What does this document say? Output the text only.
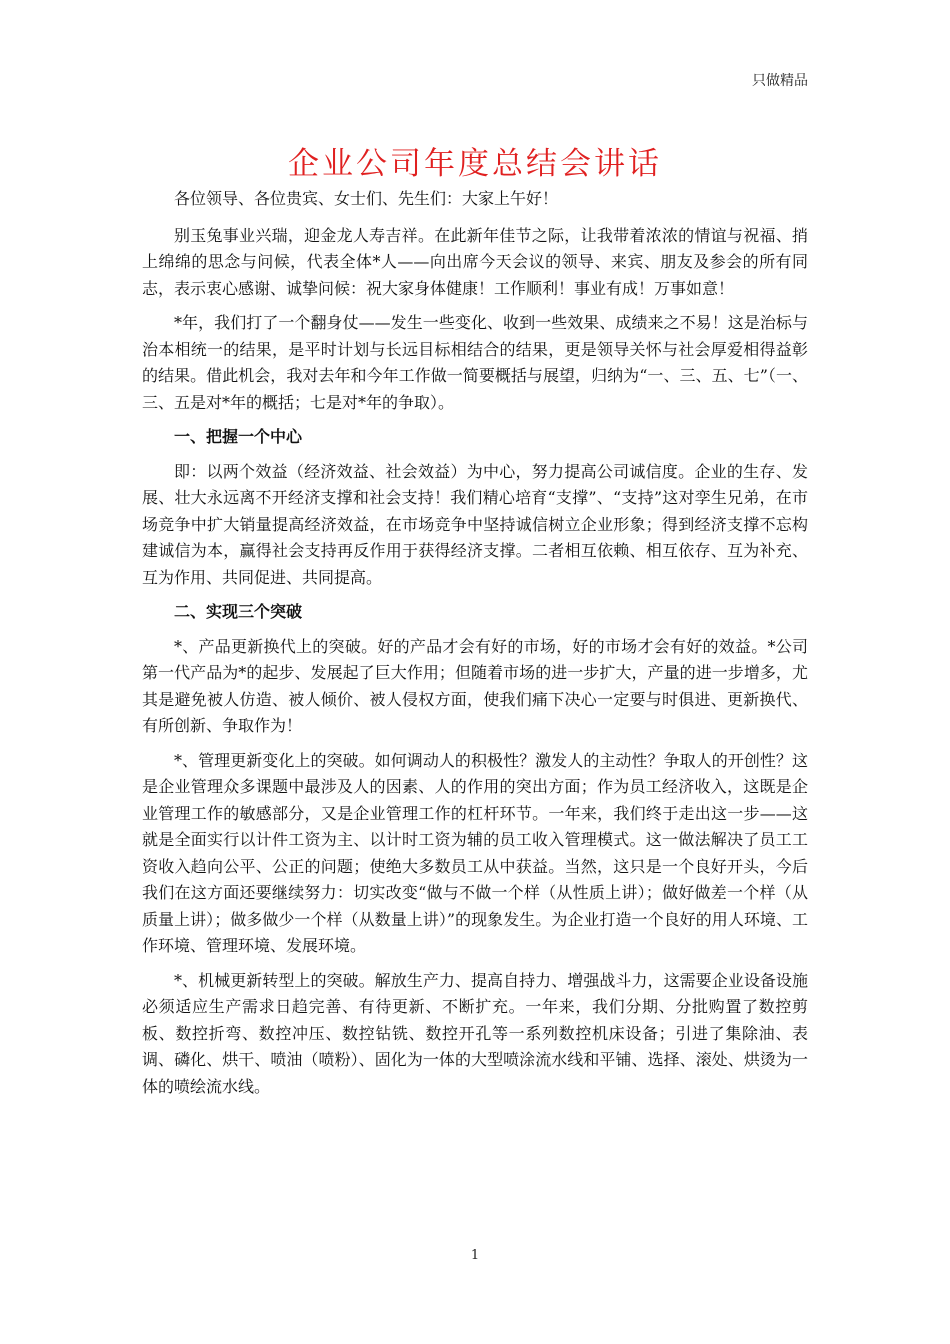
只做精品
企业公司年度总结会讲话

各位领导、各位贵宾、女士们、先生们：大家上午好！

别玉兔事业兴瑞，迎金龙人寿吉祥。在此新年佳节之际，让我带着浓浓的情谊与祝福、捎上绵绵的思念与问候，代表全体*人——向出席今天会议的领导、来宾、朋友及参会的所有同志，表示衷心感谢、诚挚问候：祝大家身体健康！工作顺利！事业有成！万事如意！

*年，我们打了一个翻身仗——发生一些变化、收到一些效果、成绩来之不易！这是治标与治本相统一的结果，是平时计划与长远目标相结合的结果，更是领导关怀与社会厚爱相得益彰的结果。借此机会，我对去年和今年工作做一简要概括与展望，归纳为“一、三、五、七”（一、三、五是对*年的概括；七是对*年的争取）。

一、把握一个中心

即：以两个效益（经济效益、社会效益）为中心，努力提高公司诚信度。企业的生存、发展、壮大永远离不开经济支撑和社会支持！我们精心培育“支撑”、“支持”这对孪生兄弟，在市场竞争中扩大销量提高经济效益，在市场竞争中坚持诚信树立企业形象；得到经济支撑不忘构建诚信为本，赢得社会支持再反作用于获得经济支撑。二者相互依赖、相互依存、互为补充、互为作用、共同促进、共同提高。

二、实现三个突破

*、产品更新换代上的突破。好的产品才会有好的市场，好的市场才会有好的效益。*公司第一代产品为*的起步、发展起了巨大作用；但随着市场的进一步扩大，产量的进一步增多，尤其是避免被人仿造、被人倾价、被人侵权方面，使我们痛下决心一定要与时俱进、更新换代、有所创新、争取作为！

*、管理更新变化上的突破。如何调动人的积极性？激发人的主动性？争取人的开创性？这是企业管理众多课题中最涉及人的因素、人的作用的突出方面；作为员工经济收入，这既是企业管理工作的敏感部分，又是企业管理工作的杠杆环节。一年来，我们终于走出这一步——这就是全面实行以计件工资为主、以计时工资为辅的员工收入管理模式。这一做法解决了员工工资收入趋向公平、公正的问题；使绝大多数员工从中获益。当然，这只是一个良好开头，今后我们在这方面还要继续努力：切实改变“做与不做一个样（从性质上讲）；做好做差一个样（从质量上讲）；做多做少一个样（从数量上讲）”的现象发生。为企业打造一个良好的用人环境、工作环境、管理环境、发展环境。

*、机械更新转型上的突破。解放生产力、提高自持力、增强战斗力，这需要企业设备设施必须适应生产需求日趋完善、有待更新、不断扩充。一年来，我们分期、分批购置了数控剪板、数控折弯、数控冲压、数控钻铣、数控开孔等一系列数控机床设备；引进了集除油、表调、磷化、烘干、喷油（喷粉）、固化为一体的大型喷涂流水线和平铺、选择、滚处、烘烫为一体的喷绘流水线。

1
